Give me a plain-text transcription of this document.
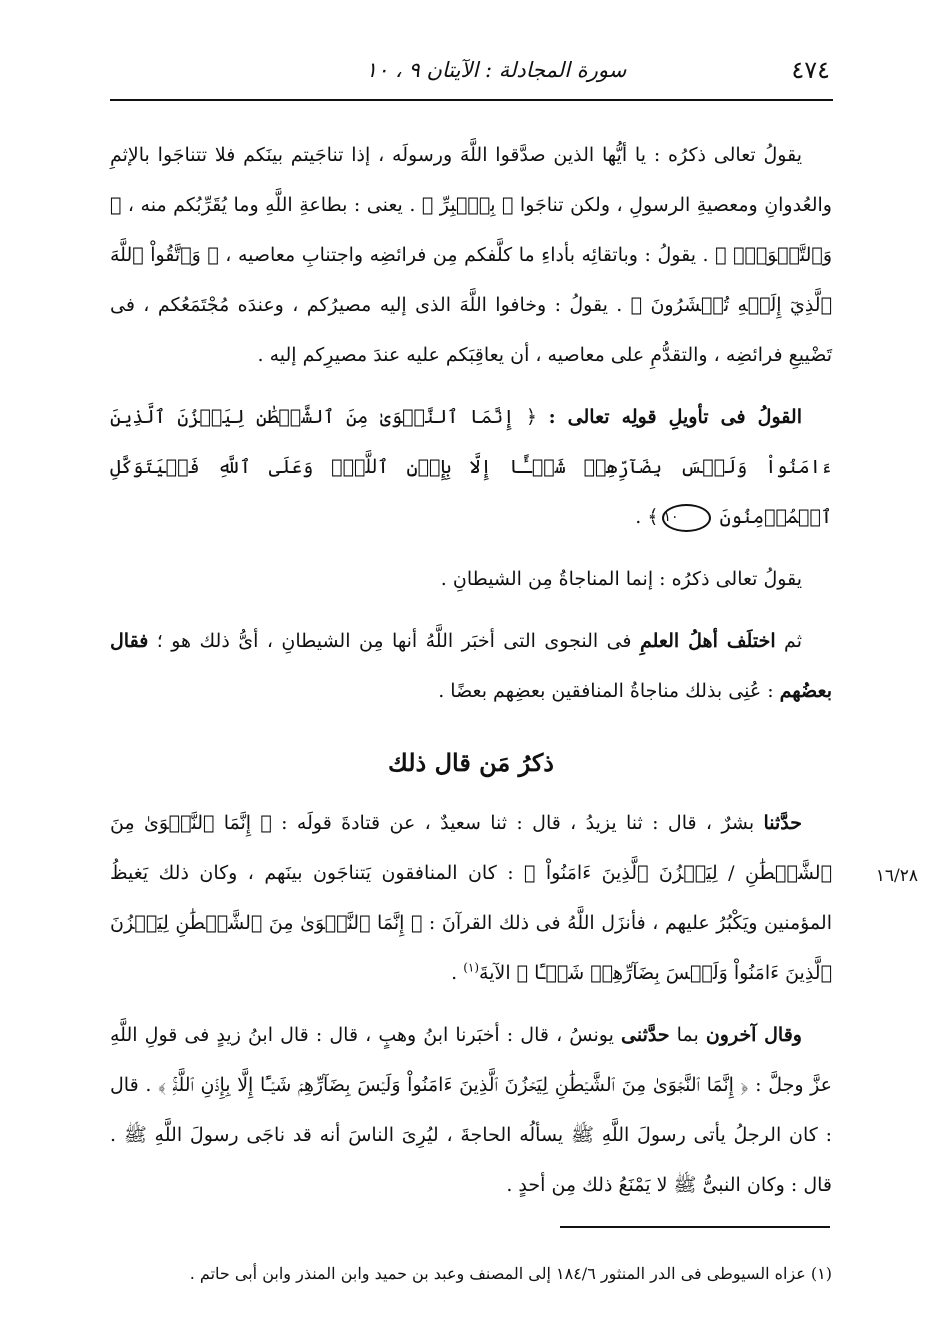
٤٧٤
سورة المجادلة : الآيتان ٩ ، ١٠

يقولُ تعالى ذكرُه : يا أيُّها الذين صدَّقوا اللَّهَ ورسولَه ، إذا تناجَيتم بينَكم فلا تتناجَوا بالإثمِ والعُدوانِ ومعصيةِ الرسولِ ، ولكن تناجَوا ﴿ بِٱلۡبِرِّ ﴾ . يعنى : بطاعةِ اللَّهِ وما يُقَرِّبُكم منه ، ﴿ وَٱلتَّقۡوَىٰۖ ﴾ . يقولُ : وباتقائِه بأداءِ ما كلَّفكم مِن فرائضِه واجتنابِ معاصيه ، ﴿ وَٱتَّقُواْ ٱللَّهَ ٱلَّذِيٓ إِلَيۡهِ تُحۡشَرُونَ ﴾ . يقولُ : وخافوا اللَّهَ الذى إليه مصيرُكم ، وعندَه مُجْتَمَعُكم ، فى تَضْييعِ فرائضِه ، والتقدُّمِ على معاصيه ، أن يعاقِبَكم عليه عندَ مصيرِكم إليه .

القولُ فى تأويلِ قولِه تعالى : ﴿ إِنَّمَا ٱلنَّجۡوَىٰ مِنَ ٱلشَّيۡطَٰنِ لِيَحۡزُنَ ٱلَّذِينَ ءَامَنُواْ وَلَيۡسَ بِضَآرِّهِمۡ شَيۡـًٔا إِلَّا بِإِذۡنِ ٱللَّهِۚ وَعَلَى ٱللَّهِ فَلۡيَتَوَكَّلِ ٱلۡمُؤۡمِنُونَ ١٠﴾ .

يقولُ تعالى ذكرُه : إنما المناجاةُ مِن الشيطانِ .

ثم اختلَف أهلُ العلمِ فى النجوى التى أخبَر اللَّهُ أنها مِن الشيطانِ ، أىُّ ذلك هو ؛ فقال بعضُهم : عُنِى بذلك مناجاةُ المنافقين بعضِهم بعضًا .

ذكرُ مَن قال ذلك

حدَّثنا بشرٌ ، قال : ثنا يزيدُ ، قال : ثنا سعيدٌ ، عن قتادةَ قولَه : ﴿ إِنَّمَا ٱلنَّجۡوَىٰ مِنَ ٱلشَّيۡطَٰنِ / لِيَحۡزُنَ ٱلَّذِينَ ءَامَنُواْ ﴾ : كان المنافقون يَتناجَون بينَهم ، وكان ذلك يَغيظُ المؤمنين ويَكْبُرُ عليهم ، فأنزَل اللَّهُ فى ذلك القرآنَ : ﴿ إِنَّمَا ٱلنَّجۡوَىٰ مِنَ ٱلشَّيۡطَٰنِ لِيَحۡزُنَ ٱلَّذِينَ ءَامَنُواْ وَلَيۡسَ بِضَآرِّهِمۡ شَيۡـًٔا ﴾ الآيةَ$^{(١)}$ .

وقال آخرون بما حدَّثنى يونسُ ، قال : أخبَرنا ابنُ وهبٍ ، قال : قال ابنُ زيدٍ فى قولِ اللَّهِ عزَّ وجلَّ : ﴿ إِنَّمَا ٱلنَّجۡوَىٰ مِنَ ٱلشَّيۡطَٰنِ لِيَحۡزُنَ ٱلَّذِينَ ءَامَنُواْ وَلَيۡسَ بِضَآرِّهِمۡ شَيۡـًٔا إِلَّا بِإِذۡنِ ٱللَّهِۚ ﴾ . قال : كان الرجلُ يأتى رسولَ اللَّهِ ﷺ يسألُه الحاجةَ ، ليُرِىَ الناسَ أنه قد ناجَى رسولَ اللَّهِ ﷺ . قال : وكان النبىُّ ﷺ لا يَمْنَعُ ذلك مِن أحدٍ .

١٦/٢٨
(١) عزاه السيوطى فى الدر المنثور ١٨٤/٦ إلى المصنف وعبد بن حميد وابن المنذر وابن أبى حاتم .
